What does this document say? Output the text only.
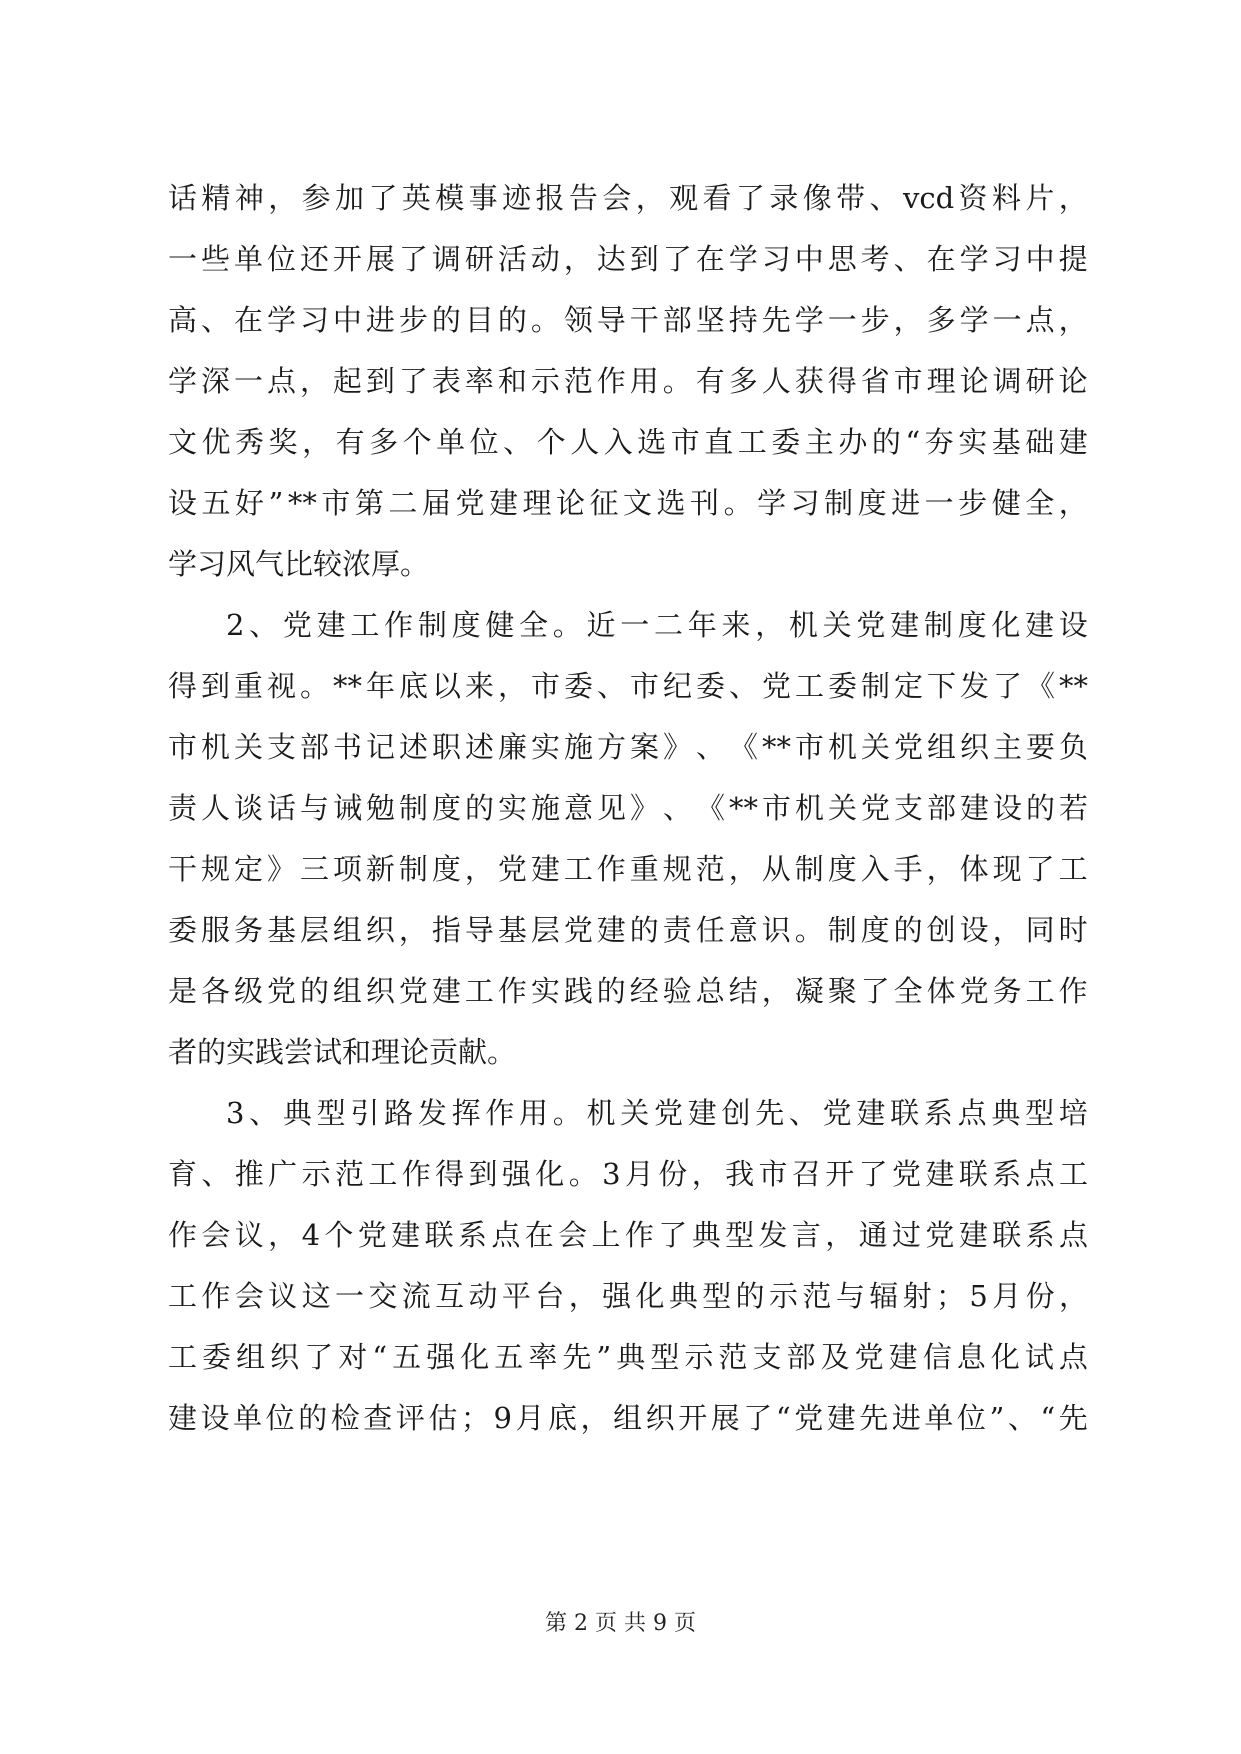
话 精 神 ， 参 加 了 英 模 事 迹 报 告 会 ， 观 看 了 录 像 带 、 vcd 资 料 片 ，
一 些 单 位 还 开 展 了 调 研 活 动 ， 达 到 了 在 学 习 中 思 考 、 在 学 习 中 提
高 、 在 学 习 中 进 步 的 目 的 。 领 导 干 部 坚 持 先 学 一 步 ， 多 学 一 点 ，
学 深 一 点 ， 起 到 了 表 率 和 示 范 作 用 。 有 多 人 获 得 省 市 理 论 调 研 论
文 优 秀 奖 ， 有 多 个 单 位 、 个 人 入 选 市 直 工 委 主 办 的 “ 夯 实 基 础 建
设 五 好 ” ** 市 第 二 届 党 建 理 论 征 文 选 刊 。 学 习 制 度 进 一 步 健 全 ，
学习风气比较浓厚。
2 、 党 建 工 作 制 度 健 全 。 近 一 二 年 来 ， 机 关 党 建 制 度 化 建 设
得 到 重 视 。 ** 年 底 以 来 ， 市 委 、 市 纪 委 、 党 工 委 制 定 下 发 了 《 **
市 机 关 支 部 书 记 述 职 述 廉 实 施 方 案 》 、 《 ** 市 机 关 党 组 织 主 要 负
责 人 谈 话 与 诫 勉 制 度 的 实 施 意 见 》 、 《 ** 市 机 关 党 支 部 建 设 的 若
干 规 定 》 三 项 新 制 度 ， 党 建 工 作 重 规 范 ， 从 制 度 入 手 ， 体 现 了 工
委 服 务 基 层 组 织 ， 指 导 基 层 党 建 的 责 任 意 识 。 制 度 的 创 设 ， 同 时
是 各 级 党 的 组 织 党 建 工 作 实 践 的 经 验 总 结 ， 凝 聚 了 全 体 党 务 工 作
者的实践尝试和理论贡献。
3 、 典 型 引 路 发 挥 作 用 。 机 关 党 建 创 先 、 党 建 联 系 点 典 型 培
育 、 推 广 示 范 工 作 得 到 强 化 。 3 月 份 ， 我 市 召 开 了 党 建 联 系 点 工
作 会 议 ， 4 个 党 建 联 系 点 在 会 上 作 了 典 型 发 言 ， 通 过 党 建 联 系 点
工 作 会 议 这 一 交 流 互 动 平 台 ， 强 化 典 型 的 示 范 与 辐 射 ； 5 月 份 ，
工 委 组 织 了 对 “ 五 强 化 五 率 先 ” 典 型 示 范 支 部 及 党 建 信 息 化 试 点
建 设 单 位 的 检 查 评 估 ； 9 月 底 ， 组 织 开 展 了 “ 党 建 先 进 单 位 ” 、 “ 先
第 2 页 共 9 页
